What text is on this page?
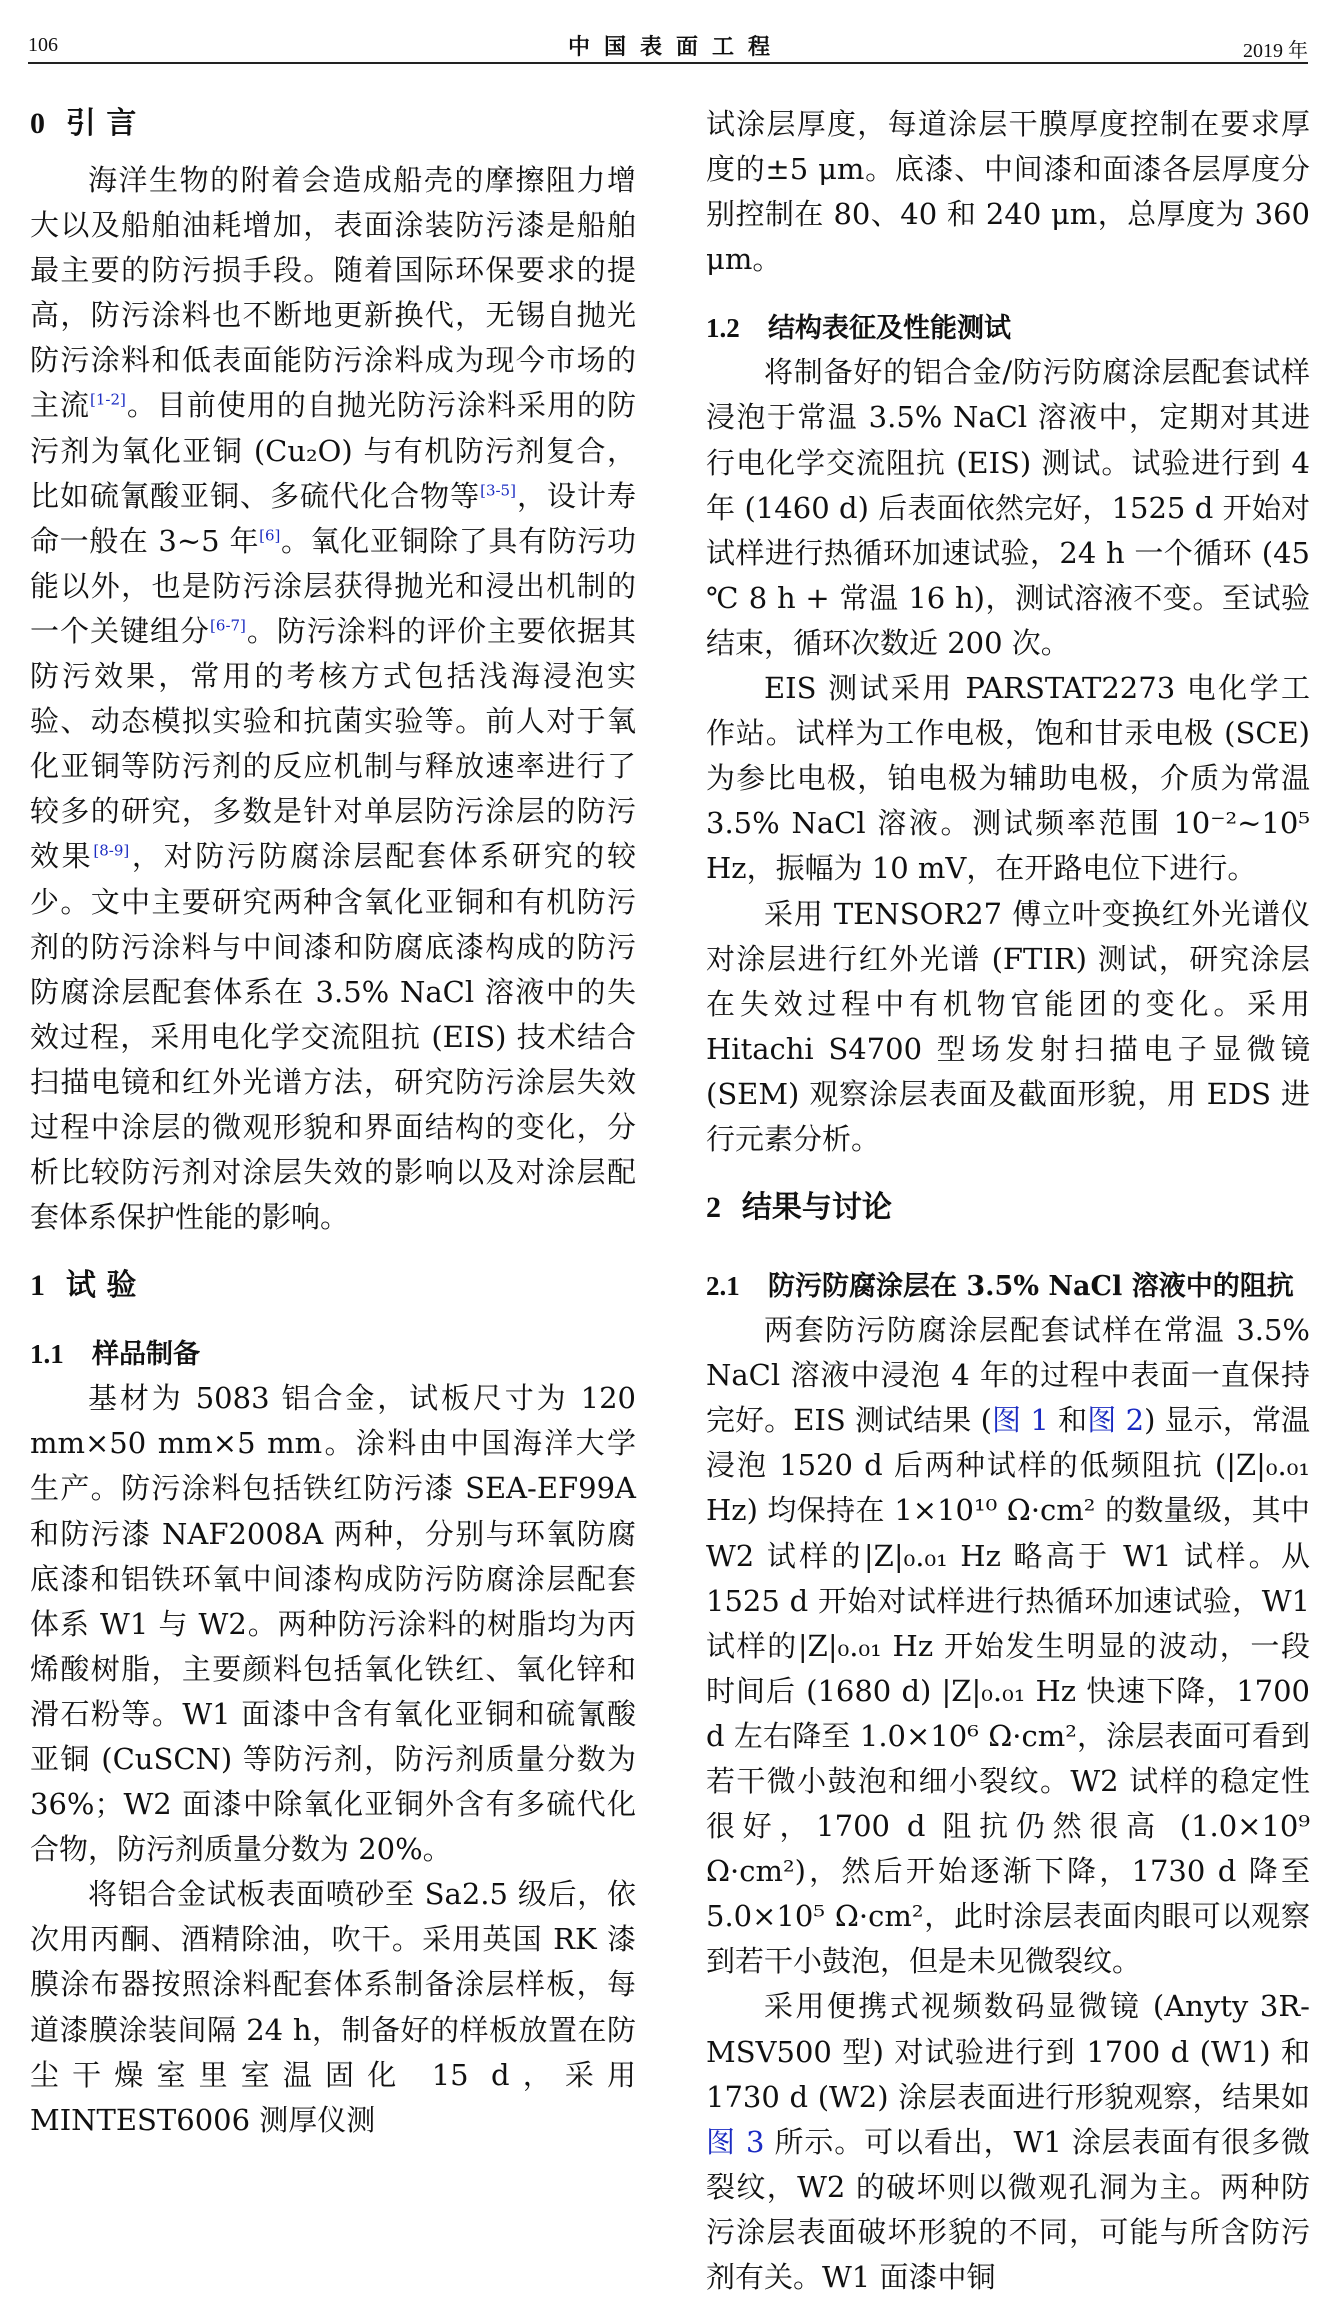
106	中国表面工程	2019 年
0 引 言

海洋生物的附着会造成船壳的摩擦阻力增大以及船舶油耗增加，表面涂装防污漆是船舶最主要的防污损手段。随着国际环保要求的提高，防污涂料也不断地更新换代，无锡自抛光防污涂料和低表面能防污涂料成为现今市场的主流[1-2]。目前使用的自抛光防污涂料采用的防污剂为氧化亚铜 (Cu₂O) 与有机防污剂复合，比如硫氰酸亚铜、多硫代化合物等[3-5]，设计寿命一般在 3~5 年[6]。氧化亚铜除了具有防污功能以外，也是防污涂层获得抛光和浸出机制的一个关键组分[6-7]。防污涂料的评价主要依据其防污效果，常用的考核方式包括浅海浸泡实验、动态模拟实验和抗菌实验等。前人对于氧化亚铜等防污剂的反应机制与释放速率进行了较多的研究，多数是针对单层防污涂层的防污效果[8-9]，对防污防腐涂层配套体系研究的较少。文中主要研究两种含氧化亚铜和有机防污剂的防污涂料与中间漆和防腐底漆构成的防污防腐涂层配套体系在 3.5% NaCl 溶液中的失效过程，采用电化学交流阻抗 (EIS) 技术结合扫描电镜和红外光谱方法，研究防污涂层失效过程中涂层的微观形貌和界面结构的变化，分析比较防污剂对涂层失效的影响以及对涂层配套体系保护性能的影响。

1 试 验
1.1 样品制备

基材为 5083 铝合金，试板尺寸为 120 mm×50 mm×5 mm。涂料由中国海洋大学生产。防污涂料包括铁红防污漆 SEA-EF99A 和防污漆 NAF2008A 两种，分别与环氧防腐底漆和铝铁环氧中间漆构成防污防腐涂层配套体系 W1 与 W2。两种防污涂料的树脂均为丙烯酸树脂，主要颜料包括氧化铁红、氧化锌和滑石粉等。W1 面漆中含有氧化亚铜和硫氰酸亚铜 (CuSCN) 等防污剂，防污剂质量分数为 36%；W2 面漆中除氧化亚铜外含有多硫代化合物，防污剂质量分数为 20%。

将铝合金试板表面喷砂至 Sa2.5 级后，依次用丙酮、酒精除油，吹干。采用英国 RK 漆膜涂布器按照涂料配套体系制备涂层样板，每道漆膜涂装间隔 24 h，制备好的样板放置在防尘干燥室里室温固化 15 d，采用 MINTEST6006 测厚仪测

试涂层厚度，每道涂层干膜厚度控制在要求厚度的±5 μm。底漆、中间漆和面漆各层厚度分别控制在 80、40 和 240 μm，总厚度为 360 μm。

1.2 结构表征及性能测试

将制备好的铝合金/防污防腐涂层配套试样浸泡于常温 3.5% NaCl 溶液中，定期对其进行电化学交流阻抗 (EIS) 测试。试验进行到 4 年 (1460 d) 后表面依然完好，1525 d 开始对试样进行热循环加速试验，24 h 一个循环 (45 ℃ 8 h + 常温 16 h)，测试溶液不变。至试验结束，循环次数近 200 次。

EIS 测试采用 PARSTAT2273 电化学工作站。试样为工作电极，饱和甘汞电极 (SCE) 为参比电极，铂电极为辅助电极，介质为常温 3.5% NaCl 溶液。测试频率范围 10⁻²~10⁵ Hz，振幅为 10 mV，在开路电位下进行。

采用 TENSOR27 傅立叶变换红外光谱仪对涂层进行红外光谱 (FTIR) 测试，研究涂层在失效过程中有机物官能团的变化。采用 Hitachi S4700 型场发射扫描电子显微镜 (SEM) 观察涂层表面及截面形貌，用 EDS 进行元素分析。

2 结果与讨论
2.1 防污防腐涂层在 3.5% NaCl 溶液中的阻抗

两套防污防腐涂层配套试样在常温 3.5% NaCl 溶液中浸泡 4 年的过程中表面一直保持完好。EIS 测试结果 (图 1 和图 2) 显示，常温浸泡 1520 d 后两种试样的低频阻抗 (|Z|₀.₀₁ Hz) 均保持在 1×10¹⁰ Ω·cm² 的数量级，其中 W2 试样的|Z|₀.₀₁ Hz 略高于 W1 试样。从 1525 d 开始对试样进行热循环加速试验，W1 试样的|Z|₀.₀₁ Hz 开始发生明显的波动，一段时间后 (1680 d) |Z|₀.₀₁ Hz 快速下降，1700 d 左右降至 1.0×10⁶ Ω·cm²，涂层表面可看到若干微小鼓泡和细小裂纹。W2 试样的稳定性很好，1700 d 阻抗仍然很高 (1.0×10⁹ Ω·cm²)，然后开始逐渐下降，1730 d 降至 5.0×10⁵ Ω·cm²，此时涂层表面肉眼可以观察到若干小鼓泡，但是未见微裂纹。

采用便携式视频数码显微镜 (Anyty 3R-MSV500 型) 对试验进行到 1700 d (W1) 和 1730 d (W2) 涂层表面进行形貌观察，结果如图 3 所示。可以看出，W1 涂层表面有很多微裂纹，W2 的破坏则以微观孔洞为主。两种防污涂层表面破坏形貌的不同，可能与所含防污剂有关。W1 面漆中铜
